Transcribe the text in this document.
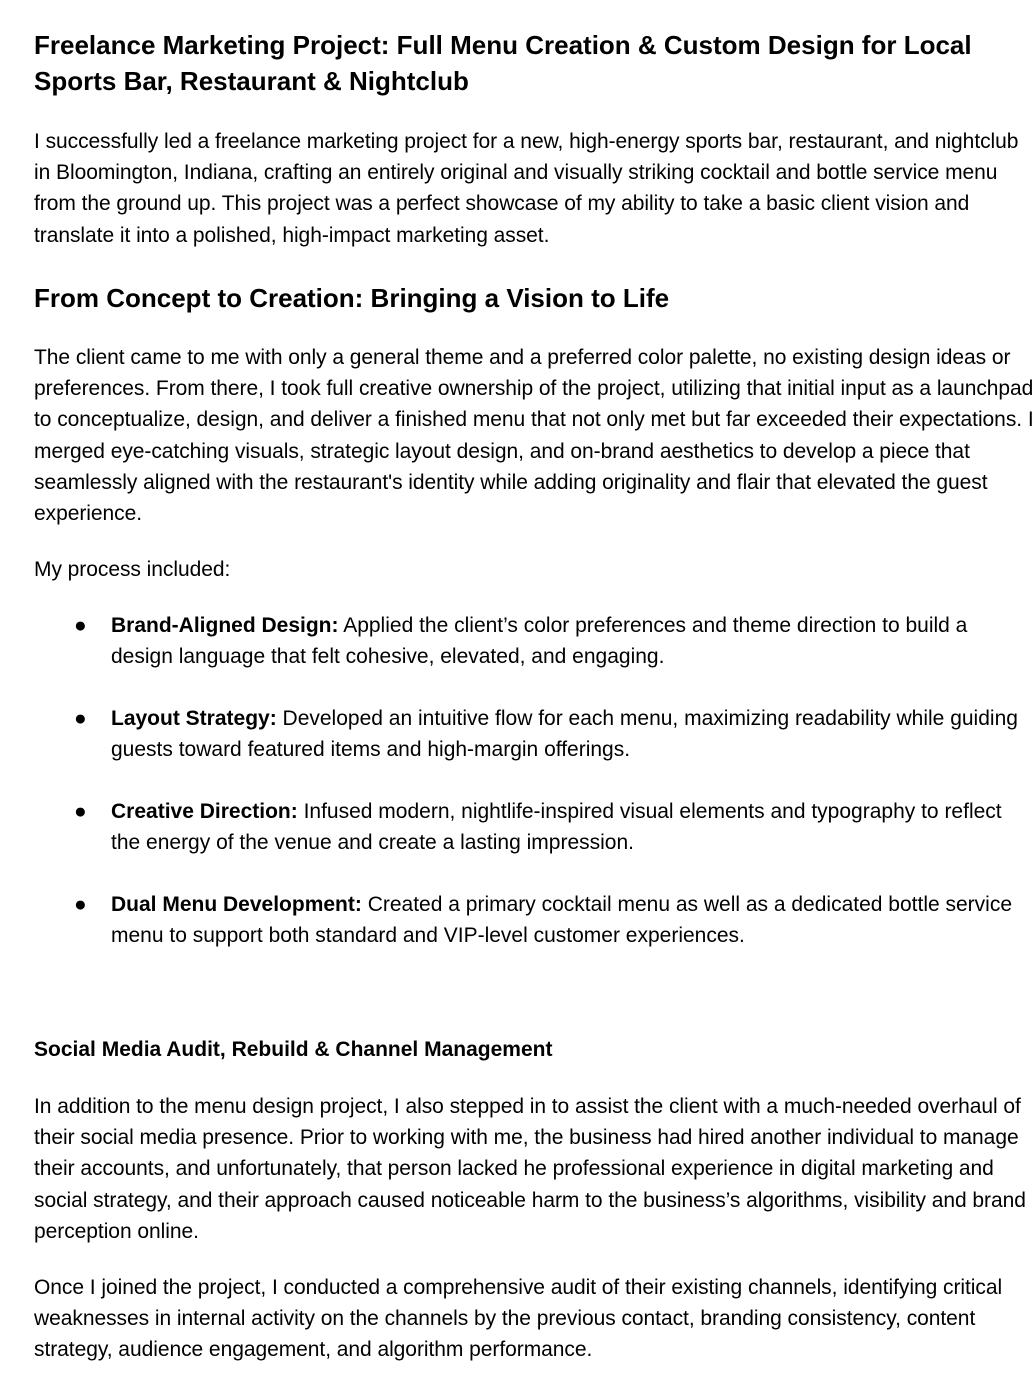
Freelance Marketing Project: Full Menu Creation & Custom Design for Local Sports Bar, Restaurant & Nightclub

I successfully led a freelance marketing project for a new, high-energy sports bar, restaurant, and nightclub in Bloomington, Indiana, crafting an entirely original and visually striking cocktail and bottle service menu from the ground up. This project was a perfect showcase of my ability to take a basic client vision and translate it into a polished, high-impact marketing asset.

From Concept to Creation: Bringing a Vision to Life

The client came to me with only a general theme and a preferred color palette, no existing design ideas or preferences. From there, I took full creative ownership of the project, utilizing that initial input as a launchpad to conceptualize, design, and deliver a finished menu that not only met but far exceeded their expectations. I merged eye-catching visuals, strategic layout design, and on-brand aesthetics to develop a piece that seamlessly aligned with the restaurant's identity while adding originality and flair that elevated the guest experience.

My process included:

● Brand-Aligned Design: Applied the client’s color preferences and theme direction to build a design language that felt cohesive, elevated, and engaging.
● Layout Strategy: Developed an intuitive flow for each menu, maximizing readability while guiding guests toward featured items and high-margin offerings.
● Creative Direction: Infused modern, nightlife-inspired visual elements and typography to reflect the energy of the venue and create a lasting impression.
● Dual Menu Development: Created a primary cocktail menu as well as a dedicated bottle service menu to support both standard and VIP-level customer experiences.
Social Media Audit, Rebuild & Channel Management

In addition to the menu design project, I also stepped in to assist the client with a much-needed overhaul of their social media presence. Prior to working with me, the business had hired another individual to manage their accounts, and unfortunately, that person lacked he professional experience in digital marketing and social strategy, and their approach caused noticeable harm to the business’s algorithms, visibility and brand perception online.

Once I joined the project, I conducted a comprehensive audit of their existing channels, identifying critical weaknesses in internal activity on the channels by the previous contact, branding consistency, content strategy, audience engagement, and algorithm performance.
